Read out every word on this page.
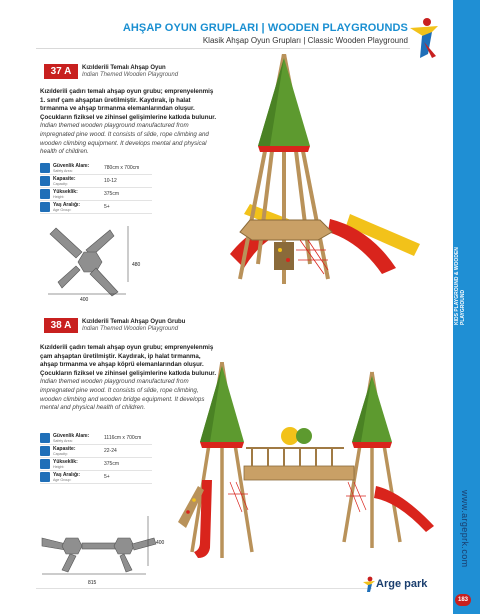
AHŞAP OYUN GRUPLARI | WOODEN PLAYGROUNDS
Klasik Ahşap Oyun Grupları | Classic Wooden Playground
KIDS PLAYGROUND & WOODEN PLAYGROUND
www.argeprk.com
183
37 A	Kızılderili Temalı Ahşap Oyun
Indian Themed Wooden Playground
Kızılderili çadırı temalı ahşap oyun grubu; emprenyelenmiş 1. sınıf çam ahşaptan üretilmiştir. Kaydırak, ip halat tırmanma ve ahşap tırmanma elemanlarından oluşur. Çocukların fiziksel ve zihinsel gelişimlerine katkıda bulunur. Indian themed wooden playground manufactured from impregnated pine wood. It consists of slide, rope climbing and wooden climbing equipment. It develops mental and physical health of children.
Güvenlik Alanı:
Safety Area:	780cm x 700cm
Kapasite:
Capacity:	10-12
Yükseklik:
Height:	375cm
Yaş Aralığı:
Age Group:	5+
480
400
38 A	Kızılderili Temalı Ahşap Oyun Grubu
Indian Themed Wooden Playground
Kızılderili çadırı temalı ahşap oyun grubu; emprenyelenmiş çam ahşaptan üretilmiştir. Kaydırak, ip halat tırmanma, ahşap tırmanma ve ahşap köprü elemanlarından oluşur. Çocukların fiziksel ve zihinsel gelişimlerine katkıda bulunur. Indian themed wooden playground manufactured from impregnated pine wood. It consists of slide, rope climbing, wooden climbing and wooden bridge equipment. It develops mental and physical health of children.
Güvenlik Alanı:
Safety Area:	1116cm x 700cm
Kapasite:
Capacity:	22-24
Yükseklik:
Height:	375cm
Yaş Aralığı:
Age Group:	5+
400
815	Arge park
